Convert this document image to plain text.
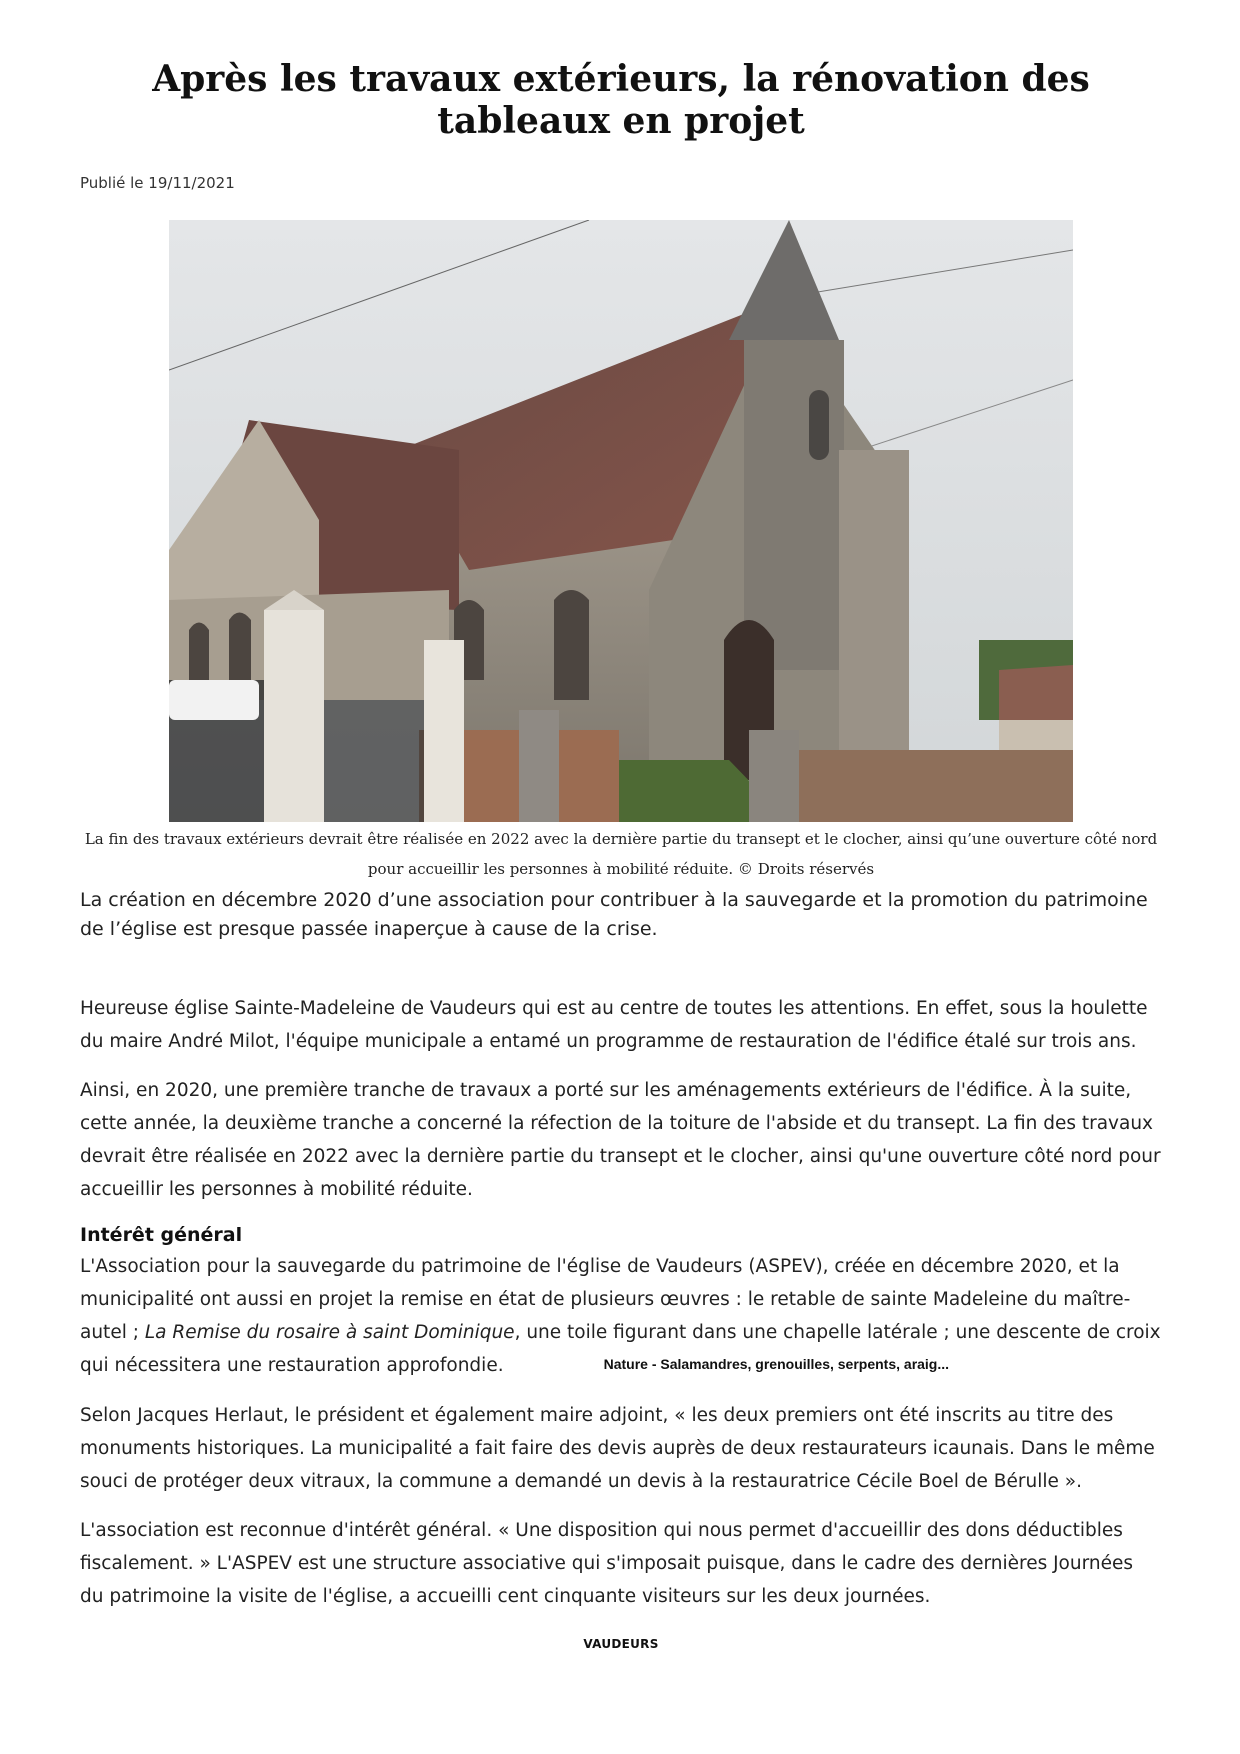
Après les travaux extérieurs, la rénovation des tableaux en projet
Publié le 19/11/2021
La fin des travaux extérieurs devrait être réalisée en 2022 avec la dernière partie du transept et le clocher, ainsi qu’une ouverture côté nord pour accueillir les personnes à mobilité réduite. © Droits réservés
La création en décembre 2020 d’une association pour contribuer à la sauvegarde et la promotion du patrimoine de l’église est presque passée inaperçue à cause de la crise.

Heureuse église Sainte-Madeleine de Vaudeurs qui est au centre de toutes les attentions. En effet, sous la houlette du maire André Milot, l'équipe municipale a entamé un programme de restauration de l'édifice étalé sur trois ans.

Ainsi, en 2020, une première tranche de travaux a porté sur les aménagements extérieurs de l'édifice. À la suite, cette année, la deuxième tranche a concerné la réfection de la toiture de l'abside et du transept. La fin des travaux devrait être réalisée en 2022 avec la dernière partie du transept et le clocher, ainsi qu'une ouverture côté nord pour accueillir les personnes à mobilité réduite.

Intérêt général

L'Association pour la sauvegarde du patrimoine de l'église de Vaudeurs (ASPEV), créée en décembre 2020, et la municipalité ont aussi en projet la remise en état de plusieurs œuvres : le retable de sainte Madeleine du maître-autel ; La Remise du rosaire à saint Dominique, une toile figurant dans une chapelle latérale ; une descente de croix qui nécessitera une restauration approfondie.	Nature - Salamandres, grenouilles, serpents, araig...

Selon Jacques Herlaut, le président et également maire adjoint, « les deux premiers ont été inscrits au titre des monuments historiques. La municipalité a fait faire des devis auprès de deux restaurateurs icaunais. Dans le même souci de protéger deux vitraux, la commune a demandé un devis à la restauratrice Cécile Boel de Bérulle ».

L'association est reconnue d'intérêt général. « Une disposition qui nous permet d'accueillir des dons déductibles fiscalement. » L'ASPEV est une structure associative qui s'imposait puisque, dans le cadre des dernières Journées du patrimoine la visite de l'église, a accueilli cent cinquante visiteurs sur les deux journées.

VAUDEURS
